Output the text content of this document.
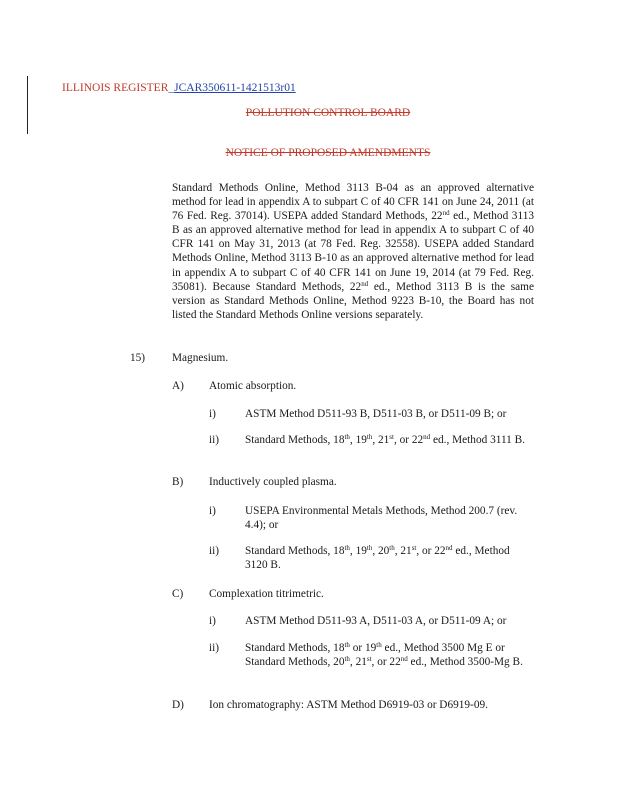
ILLINOIS REGISTER_JCAR350611-1421513r01
POLLUTION CONTROL BOARD
NOTICE OF PROPOSED AMENDMENTS
Standard Methods Online, Method 3113 B-04 as an approved alternative method for lead in appendix A to subpart C of 40 CFR 141 on June 24, 2011 (at 76 Fed. Reg. 37014). USEPA added Standard Methods, 22nd ed., Method 3113 B as an approved alternative method for lead in appendix A to subpart C of 40 CFR 141 on May 31, 2013 (at 78 Fed. Reg. 32558). USEPA added Standard Methods Online, Method 3113 B-10 as an approved alternative method for lead in appendix A to subpart C of 40 CFR 141 on June 19, 2014 (at 79 Fed. Reg. 35081). Because Standard Methods, 22nd ed., Method 3113 B is the same version as Standard Methods Online, Method 9223 B-10, the Board has not listed the Standard Methods Online versions separately.
15) Magnesium.
A) Atomic absorption.
i)	ASTM Method D511-93 B, D511-03 B, or D511-09 B; or
ii) Standard Methods, 18th, 19th, 21st, or 22nd ed., Method 3111 B.
B) Inductively coupled plasma.
i)	USEPA Environmental Metals Methods, Method 200.7 (rev. 4.4); or
ii) Standard Methods, 18th, 19th, 20th, 21st, or 22nd ed., Method 3120 B.
C) Complexation titrimetric.
i)	ASTM Method D511-93 A, D511-03 A, or D511-09 A; or
ii) Standard Methods, 18th or 19th ed., Method 3500 Mg E or Standard Methods, 20th, 21st, or 22nd ed., Method 3500-Mg B.
D) Ion chromatography: ASTM Method D6919-03 or D6919-09.
